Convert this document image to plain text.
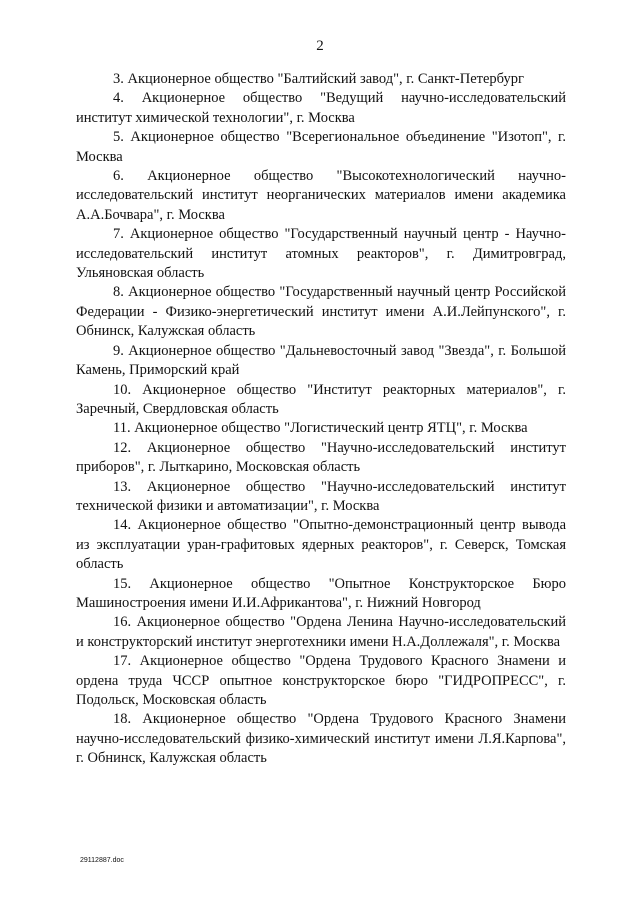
2

3. Акционерное общество "Балтийский завод", г. Санкт-Петербург

4. Акционерное общество "Ведущий научно-исследовательский институт химической технологии", г. Москва

5. Акционерное общество "Всерегиональное объединение "Изотоп", г. Москва

6. Акционерное общество "Высокотехнологический научно-исследовательский институт неорганических материалов имени академика А.А.Бочвара", г. Москва

7. Акционерное общество "Государственный научный центр - Научно-исследовательский институт атомных реакторов", г. Димитровград, Ульяновская область

8. Акционерное общество "Государственный научный центр Российской Федерации - Физико-энергетический институт имени А.И.Лейпунского", г. Обнинск, Калужская область

9. Акционерное общество "Дальневосточный завод "Звезда", г. Большой Камень, Приморский край

10. Акционерное общество "Институт реакторных материалов", г. Заречный, Свердловская область

11. Акционерное общество "Логистический центр ЯТЦ", г. Москва

12. Акционерное общество "Научно-исследовательский институт приборов", г. Лыткарино, Московская область

13. Акционерное общество "Научно-исследовательский институт технической физики и автоматизации", г. Москва

14. Акционерное общество "Опытно-демонстрационный центр вывода из эксплуатации уран-графитовых ядерных реакторов", г. Северск, Томская область

15. Акционерное общество "Опытное Конструкторское Бюро Машиностроения имени И.И.Африкантова", г. Нижний Новгород

16. Акционерное общество "Ордена Ленина Научно-исследовательский и конструкторский институт энерготехники имени Н.А.Доллежаля", г. Москва

17. Акционерное общество "Ордена Трудового Красного Знамени и ордена труда ЧССР опытное конструкторское бюро "ГИДРОПРЕСС", г. Подольск, Московская область

18. Акционерное общество "Ордена Трудового Красного Знамени научно-исследовательский физико-химический институт имени Л.Я.Карпова", г. Обнинск, Калужская область

29112887.doc
